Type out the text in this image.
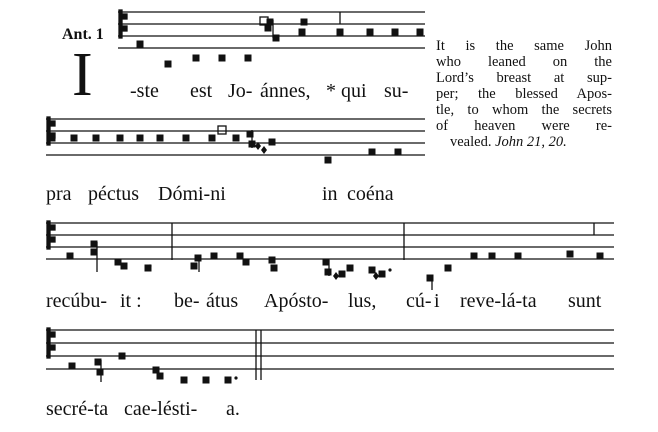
Ant. 1
I -ste est Jo- ánnes, * qui su-
pra péctus Dómi-ni	in coéna
recúbu- it : be- átus Apósto- lus, cú- i reve-lá-ta sunt
secré-ta cae-lésti- a.
It is the same John
who leaned on the
Lord’s breast at sup-
per; the blessed Apos-
tle, to whom the secrets
of heaven were re-
vealed. John 21, 20.
